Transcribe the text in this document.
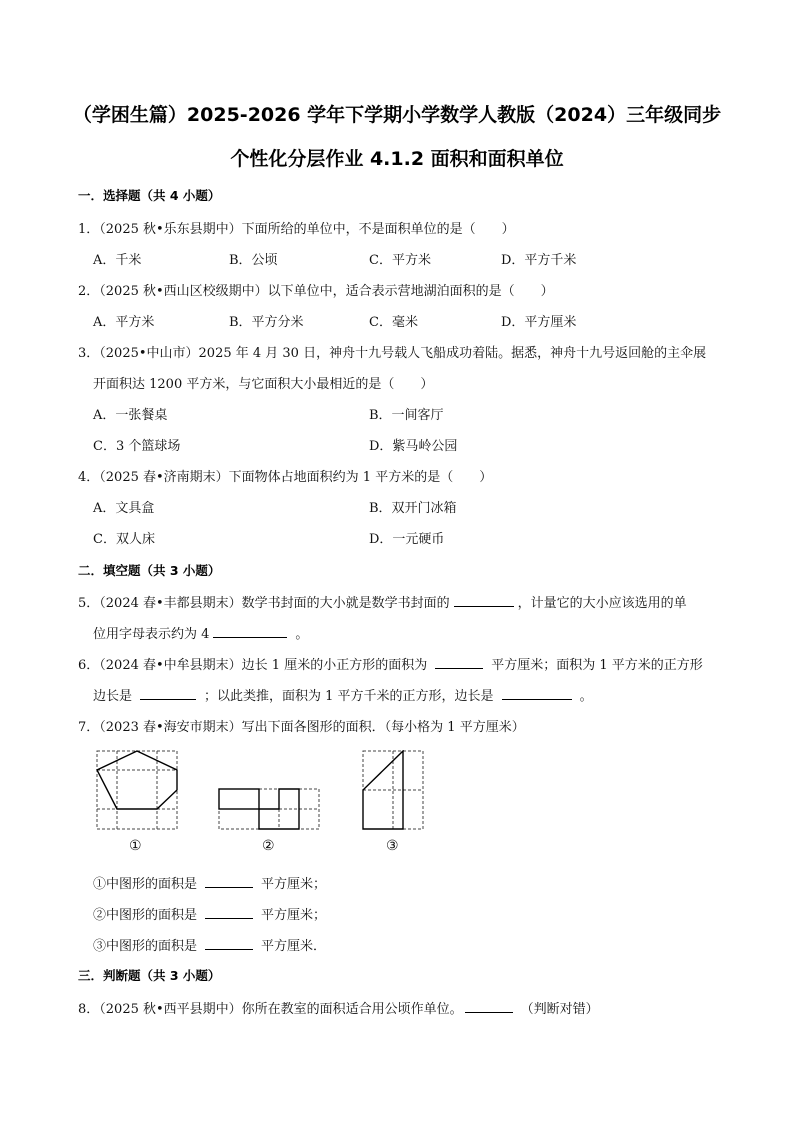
（学困生篇）2025-2026 学年下学期小学数学人教版（2024）三年级同步
个性化分层作业 4.1.2 面积和面积单位
一．选择题（共 4 小题）
1．（2025 秋•乐东县期中）下面所给的单位中，不是面积单位的是（　　）
A．千米	B．公顷	C．平方米	D．平方千米
2．（2025 秋•西山区校级期中）以下单位中，适合表示营地湖泊面积的是（　　）
A．平方米	B．平方分米	C．毫米	D．平方厘米
3．（2025•中山市）2025 年 4 月 30 日，神舟十九号载人飞船成功着陆。据悉，神舟十九号返回舱的主伞展
开面积达 1200 平方米，与它面积大小最相近的是（　　）
A．一张餐桌	B．一间客厅
C．3 个篮球场	D．紫马岭公园
4．（2025 春•济南期末）下面物体占地面积约为 1 平方米的是（　　）
A．文具盒	B．双开门冰箱
C．双人床	D．一元硬币
二．填空题（共 3 小题）
5．（2024 春•丰都县期末）数学书封面的大小就是数学书封面的	，计量它的大小应该选用的单
位用字母表示约为 4	。
6．（2024 春•中牟县期末）边长 1 厘米的小正方形的面积为	平方厘米；面积为 1 平方米的正方形
边长是	；以此类推，面积为 1 平方千米的正方形，边长是	。
7．（2023 春•海安市期末）写出下面各图形的面积．（每小格为 1 平方厘米）
①	②	③
①中图形的面积是	平方厘米；
②中图形的面积是	平方厘米；
③中图形的面积是	平方厘米．
三．判断题（共 3 小题）
8．（2025 秋•西平县期中）你所在教室的面积适合用公顷作单位。	（判断对错）
